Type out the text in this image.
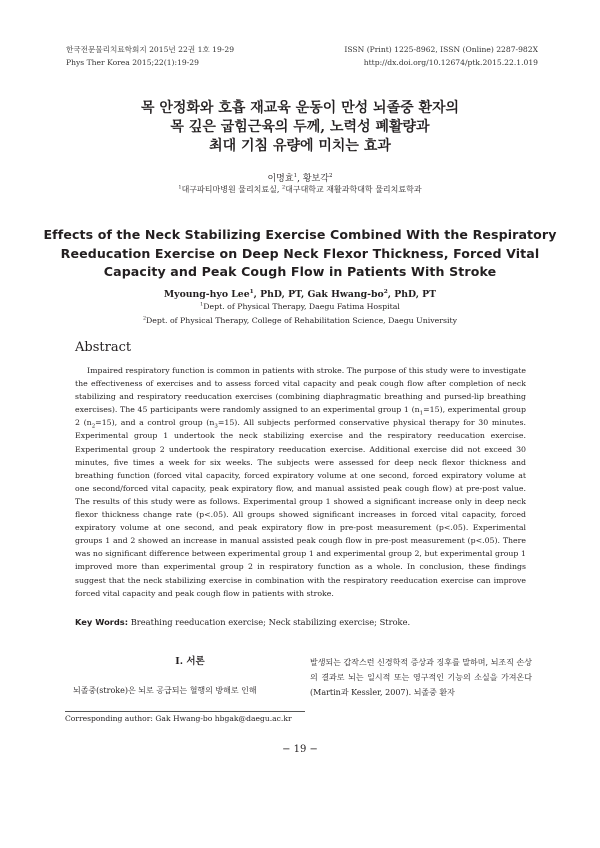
한국전문물리치료학회지 2015년 22권 1호 19-29
Phys Ther Korea 2015;22(1):19-29
ISSN (Print) 1225-8962, ISSN (Online) 2287-982X
http://dx.doi.org/10.12674/ptk.2015.22.1.019
목 안정화와 호흡 재교육 운동이 만성 뇌졸중 환자의
목 깊은 굽힘근육의 두께, 노력성 폐활량과
최대 기침 유량에 미치는 효과
이명효$^1$, 황보각$^2$
$^1$대구파티마병원 물리치료실, $^2$대구대학교 재활과학대학 물리치료학과
Effects of the Neck Stabilizing Exercise Combined With the Respiratory
Reeducation Exercise on Deep Neck Flexor Thickness, Forced Vital
Capacity and Peak Cough Flow in Patients With Stroke
Myoung-hyo Lee$^1$, PhD, PT, Gak Hwang-$bo^2$, PhD, PT
$^1$Dept. of Physical Therapy, Daegu Fatima Hospital
$^2$Dept. of Physical Therapy, College of Rehabilitation Science, Daegu University
Abstract
Impaired respiratory function is common in patients with stroke. The purpose of this study were to investigate the effectiveness of exercises and to assess forced vital capacity and peak cough flow after completion of neck stabilizing and respiratory reeducation exercises (combining diaphragmatic breathing and pursed-lip breathing exercises). The 45 participants were randomly assigned to an experimental group 1 $(n_1=15)$, experimental group 2 $(n_2=15)$, and a control group $(n_3=15)$. All subjects performed conservative physical therapy for 30 minutes. Experimental group 1 undertook the neck stabilizing exercise and the respiratory reeducation exercise. Experimental group 2 undertook the respiratory reeducation exercise. Additional exercise did not exceed 30 minutes, five times a week for six weeks. The subjects were assessed for deep neck flexor thickness and breathing function (forced vital capacity, forced expiratory volume at one second, forced expiratory volume at one second/forced vital capacity, peak expiratory flow, and manual assisted peak cough flow) at pre-post value. The results of this study were as follows. Experimental group 1 showed a significant increase only in deep neck flexor thickness change rate (p<.05). All groups showed significant increases in forced vital capacity, forced expiratory volume at one second, and peak expiratory flow in pre-post measurement (p<.05). Experimental groups 1 and 2 showed an increase in manual assisted peak cough flow in pre-post measurement (p<.05). There was no significant difference between experimental group 1 and experimental group 2, but experimental group 1 improved more than experimental group 2 in respiratory function as a whole. In conclusion, these findings suggest that the neck stabilizing exercise in combination with the respiratory reeducation exercise can improve forced vital capacity and peak cough flow in patients with stroke.
Key Words: Breathing reeducation exercise; Neck stabilizing exercise; Stroke.
Ⅰ. 서론
뇌졸중(stroke)은 뇌로 공급되는 혈행의 방해로 인해
발생되는 갑작스런 신경학적 증상과 징후를 말하며, 뇌조직 손상의 결과로 뇌는 일시적 또는 영구적인 기능의 소실을 가져온다(Martin과 Kessler, 2007). 뇌졸중 환자
Corresponding author: Gak Hwang-bo hbgak@daegu.ac.kr
− 19 −
